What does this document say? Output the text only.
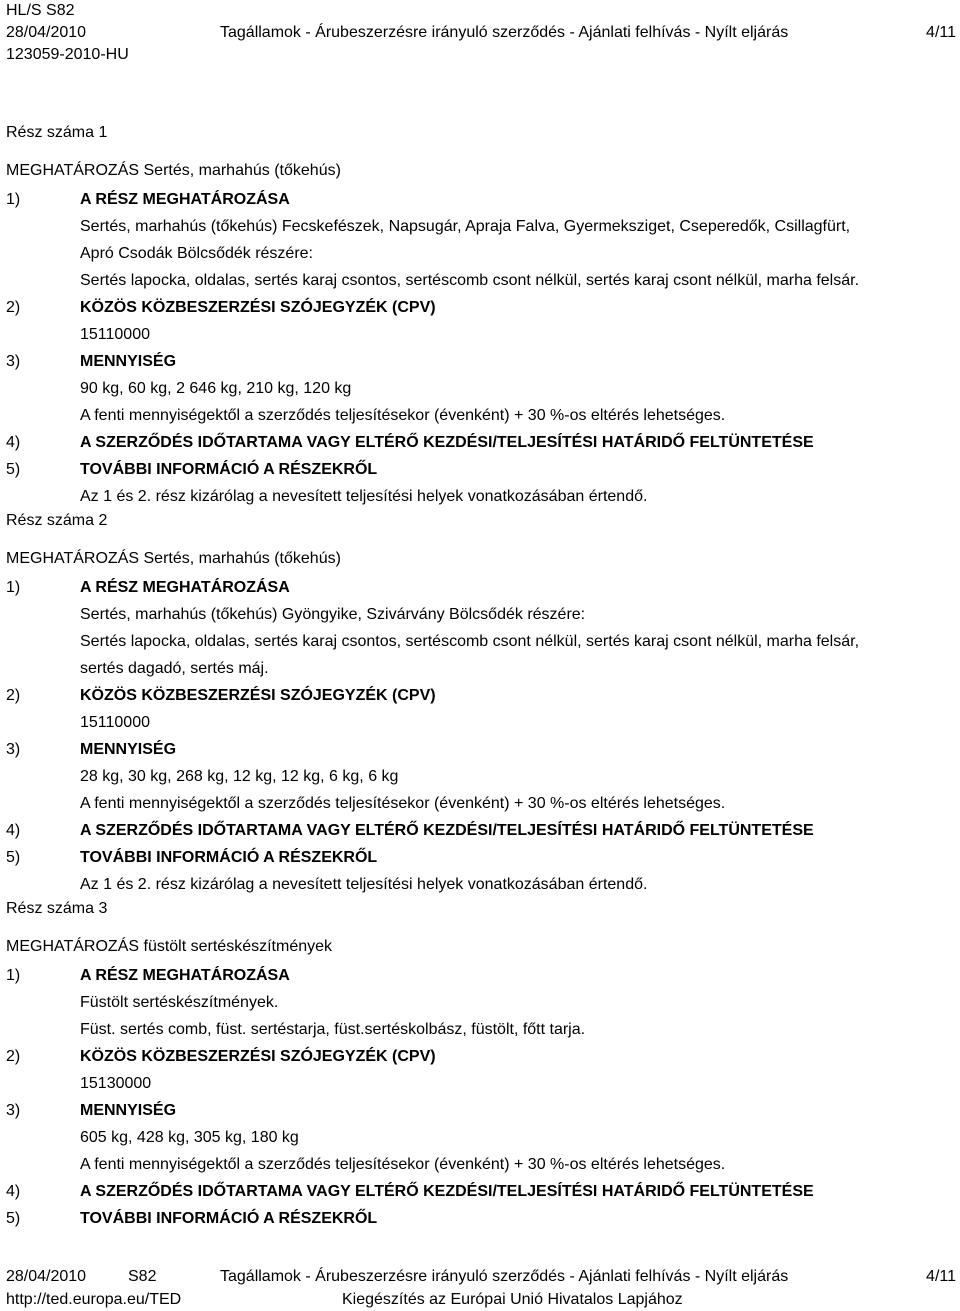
HL/S S82
28/04/2010	Tagállamok - Árubeszerzésre irányuló szerződés - Ajánlati felhívás - Nyílt eljárás	4/11
123059-2010-HU
Rész száma 1
MEGHATÁROZÁS Sertés, marhahús (tőkehús)
1)	A RÉSZ MEGHATÁROZÁSA
Sertés, marhahús (tőkehús) Fecskefészek, Napsugár, Apraja Falva, Gyermeksziget, Cseperedők, Csillagfürt,
Apró Csodák Bölcsődék részére:
Sertés lapocka, oldalas, sertés karaj csontos, sertéscomb csont nélkül, sertés karaj csont nélkül, marha felsár.
2)	KÖZÖS KÖZBESZERZÉSI SZÓJEGYZÉK (CPV)
15110000
3)	MENNYISÉG
90 kg, 60 kg, 2 646 kg, 210 kg, 120 kg
A fenti mennyiségektől a szerződés teljesítésekor (évenként) + 30 %-os eltérés lehetséges.
4)	A SZERZŐDÉS IDŐTARTAMA VAGY ELTÉRŐ KEZDÉSI/TELJESÍTÉSI HATÁRIDŐ FELTÜNTETÉSE
5)	TOVÁBBI INFORMÁCIÓ A RÉSZEKRŐL
Az 1 és 2. rész kizárólag a nevesített teljesítési helyek vonatkozásában értendő.
Rész száma 2
MEGHATÁROZÁS Sertés, marhahús (tőkehús)
1)	A RÉSZ MEGHATÁROZÁSA
Sertés, marhahús (tőkehús) Gyöngyike, Szivárvány Bölcsődék részére:
Sertés lapocka, oldalas, sertés karaj csontos, sertéscomb csont nélkül, sertés karaj csont nélkül, marha felsár,
sertés dagadó, sertés máj.
2)	KÖZÖS KÖZBESZERZÉSI SZÓJEGYZÉK (CPV)
15110000
3)	MENNYISÉG
28 kg, 30 kg, 268 kg, 12 kg, 12 kg, 6 kg, 6 kg
A fenti mennyiségektől a szerződés teljesítésekor (évenként) + 30 %-os eltérés lehetséges.
4)	A SZERZŐDÉS IDŐTARTAMA VAGY ELTÉRŐ KEZDÉSI/TELJESÍTÉSI HATÁRIDŐ FELTÜNTETÉSE
5)	TOVÁBBI INFORMÁCIÓ A RÉSZEKRŐL
Az 1 és 2. rész kizárólag a nevesített teljesítési helyek vonatkozásában értendő.
Rész száma 3
MEGHATÁROZÁS füstölt sertéskészítmények
1)	A RÉSZ MEGHATÁROZÁSA
Füstölt sertéskészítmények.
Füst. sertés comb, füst. sertéstarja, füst.sertéskolbász, füstölt, főtt tarja.
2)	KÖZÖS KÖZBESZERZÉSI SZÓJEGYZÉK (CPV)
15130000
3)	MENNYISÉG
605 kg, 428 kg, 305 kg, 180 kg
A fenti mennyiségektől a szerződés teljesítésekor (évenként) + 30 %-os eltérés lehetséges.
4)	A SZERZŐDÉS IDŐTARTAMA VAGY ELTÉRŐ KEZDÉSI/TELJESÍTÉSI HATÁRIDŐ FELTÜNTETÉSE
5)	TOVÁBBI INFORMÁCIÓ A RÉSZEKRŐL
28/04/2010	S82	Tagállamok - Árubeszerzésre irányuló szerződés - Ajánlati felhívás - Nyílt eljárás	4/11
http://ted.europa.eu/TED	Kiegészítés az Európai Unió Hivatalos Lapjához
